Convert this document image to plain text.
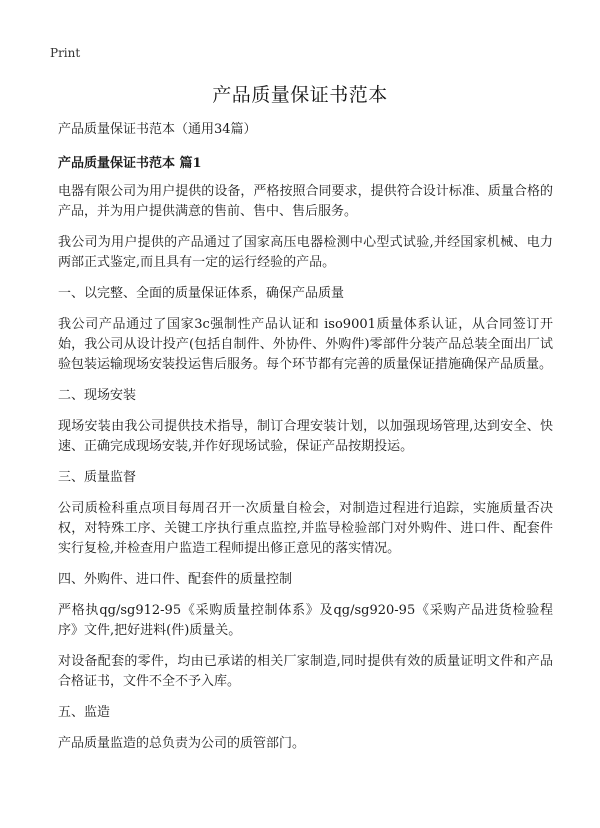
Print
产品质量保证书范本
产品质量保证书范本（通用34篇）
产品质量保证书范本 篇1

电器有限公司为用户提供的设备，严格按照合同要求，提供符合设计标准、质量合格的产品，并为用户提供满意的售前、售中、售后服务。

我公司为用户提供的产品通过了国家高压电器检测中心型式试验,并经国家机械、电力两部正式鉴定,而且具有一定的运行经验的产品。

一、以完整、全面的质量保证体系，确保产品质量

我公司产品通过了国家3c强制性产品认证和 iso9001质量体系认证，从合同签订开始，我公司从设计投产(包括自制件、外协件、外购件)零部件分装产品总装全面出厂试验包装运输现场安装投运售后服务。每个环节都有完善的质量保证措施确保产品质量。

二、现场安装

现场安装由我公司提供技术指导，制订合理安装计划，以加强现场管理,达到安全、快速、正确完成现场安装,并作好现场试验，保证产品按期投运。

三、质量监督

公司质检科重点项目每周召开一次质量自检会，对制造过程进行追踪，实施质量否决权，对特殊工序、关键工序执行重点监控,并监导检验部门对外购件、进口件、配套件实行复检,并检查用户监造工程师提出修正意见的落实情况。

四、外购件、进口件、配套件的质量控制

严格执qg/sg912-95《采购质量控制体系》及qg/sg920-95《采购产品进货检验程序》文件,把好进料(件)质量关。

对设备配套的零件，均由已承诺的相关厂家制造,同时提供有效的质量证明文件和产品合格证书，文件不全不予入库。

五、监造

产品质量监造的总负责为公司的质管部门。
